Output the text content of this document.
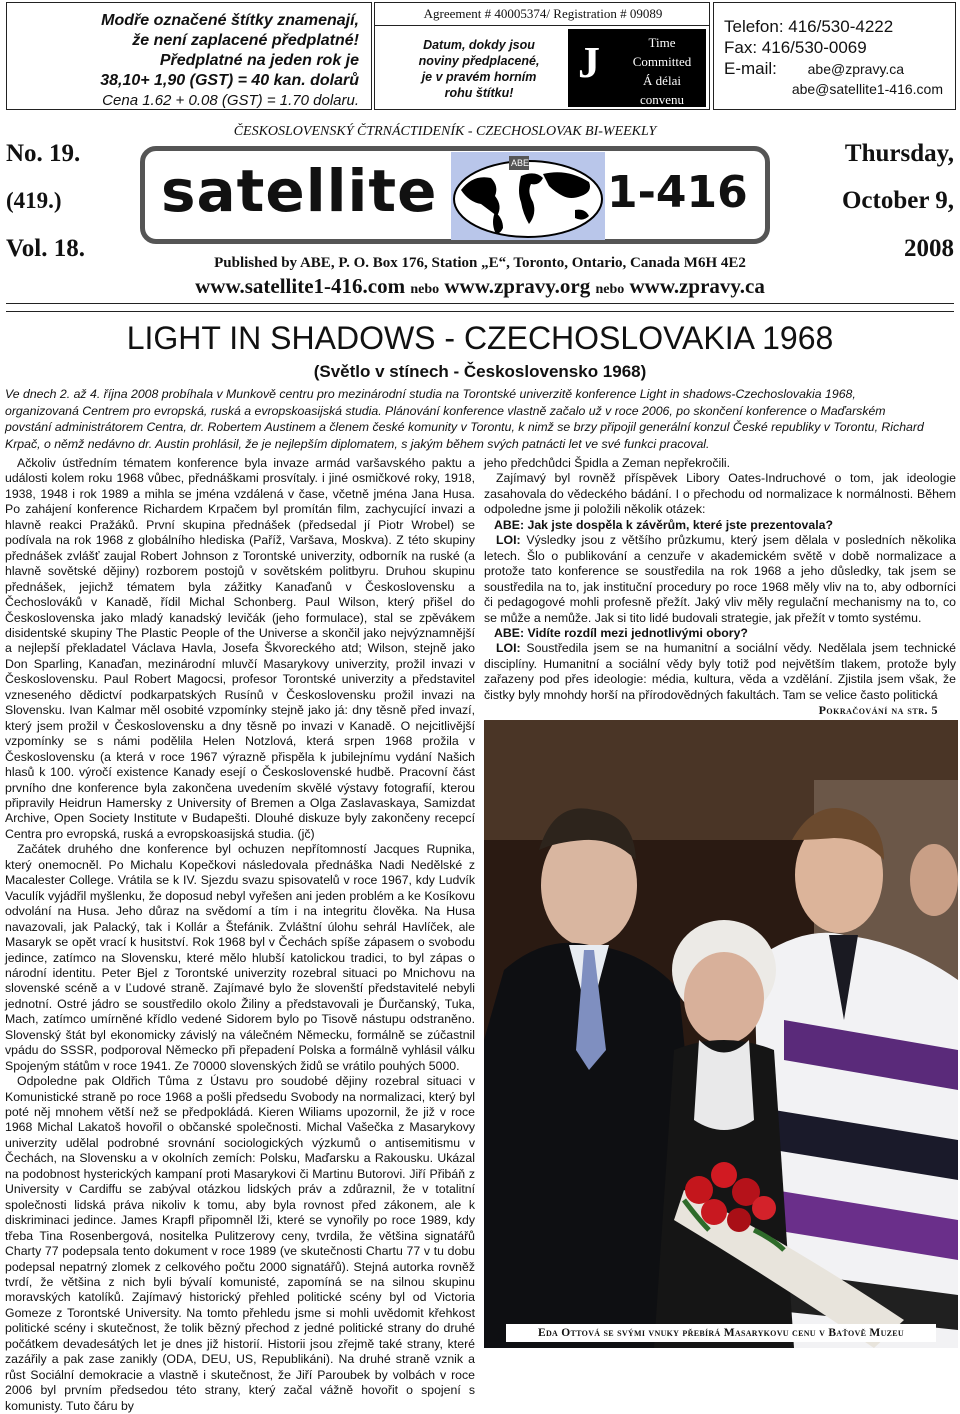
Modře označené štítky znamenají,
že není zaplacené předplatné!
Předplatné na jeden rok je
38,10+ 1,90 (GST) = 40 kan. dolarů
Cena 1.62 + 0.08 (GST) = 1.70 dolaru.
Agreement # 40005374/ Registration # 09089
Datum, dokdy jsou
noviny předplacené,
je v pravém horním
rohu štítku!
J	Time
Committed
Á délai
convenu
Telefon: 416/530-4222
Fax: 416/530-0069
E-mail: abe@zpravy.ca
abe@satellite1-416.com
No. 19.
(419.)
Vol. 18.
Thursday,
October 9,
2008
ČESKOSLOVENSKÝ ČTRNÁCTIDENÍK - CZECHOSLOVAK BI-WEEKLY
satellite	ABE
1-416
Published by ABE, P. O. Box 176, Station „E“, Toronto, Ontario, Canada M6H 4E2
www.satellite1-416.com nebo www.zpravy.org nebo www.zpravy.ca
LIGHT IN SHADOWS - CZECHOSLOVAKIA 1968
(Světlo v stínech - Československo 1968)
Ve dnech 2. až 4. října 2008 probíhala v Munkově centru pro mezinárodní studia na Torontské univerzitě konference Light in shadows-Czechoslovakia 1968,
organizovaná Centrem pro evropská, ruská a evropskoasijská studia. Plánování konference vlastně začalo už v roce 2006, po skončení konference o Maďarském
povstání administrátorem Centra, dr. Robertem Austinem a členem české komunity v Torontu, k nimž se brzy připojil generální konzul České republiky v Torontu, Richard
Krpač, o němž nedávno dr. Austin prohlásil, že je nejlepším diplomatem, s jakým během svých patnácti let ve své funkci pracoval.

Ačkoliv ústředním tématem konference byla invaze armád varšavského paktu a události kolem roku 1968 vůbec, přednáškami prosvítaly. i jiné osmičkové roky, 1918, 1938, 1948 i rok 1989 a mihla se jména vzdálená v čase, včetně jména Jana Husa. Po zahájení konference Richardem Krpačem byl promítán film, zachycující invazi a hlavně reakci Pražáků. První skupina přednášek (předsedal jí Piotr Wrobel) se podívala na rok 1968 z globálního hlediska (Paříž, Varšava, Moskva). Z této skupiny přednášek zvlášť zaujal Robert Johnson z Torontské univerzity, odborník na ruské (a hlavně sovětské dějiny) rozborem postojů v sovětském politbyru. Druhou skupinu přednášek, jejichž tématem byla zážitky Kanaďanů v Československu a Čechoslováků v Kanadě, řídil Michal Schonberg. Paul Wilson, který přišel do Československa jako mladý kanadský levičák (jeho formulace), stal se zpěvákem disidentské skupiny The Plastic People of the Universe a skončil jako nejvýznamnější a nejlepší překladatel Václava Havla, Josefa Škvoreckého atd; Wilson, stejně jako Don Sparling, Kanaďan, mezinárodní mluvčí Masarykovy univerzity, prožil invazi v Československu. Paul Robert Magocsi, profesor Torontské univerzity a představitel vzneseného dědictví podkarpatských Rusínů v Československu prožil invazi na Slovensku. Ivan Kalmar měl osobité vzpomínky stejně jako já: dny těsně před invazí, který jsem prožil v Československu a dny těsně po invazi v Kanadě. O nejcitlivější vzpomínky se s námi podělila Helen Notzlová, která srpen 1968 prožila v Československu (a která v roce 1967 výrazně přispěla k jubilejnímu vydání Našich hlasů k 100. výročí existence Kanady esejí o Československé hudbě. Pracovní část prvního dne konference byla zakončena uvedením skvělé výstavy fotografií, kterou připravily Heidrun Hamersky z University of Bremen a Olga Zaslavaskaya, Samizdat Archive, Open Society Institute v Budapešti. Dlouhé diskuze byly zakončeny recepcí Centra pro evropská, ruská a evropskoasijská studia. (jč)

Začátek druhého dne konference byl ochuzen nepřítomností Jacques Rupnika, který onemocněl. Po Michalu Kopečkovi následovala přednáška Nadi Nedělské z Macalester College. Vrátila se k IV. Sjezdu svazu spisovatelů v roce 1967, kdy Ludvík Vaculík vyjádřil myšlenku, že doposud nebyl vyřešen ani jeden problém a ke Kosíkovu odvolání na Husa. Jeho důraz na svědomí a tím i na integritu člověka. Na Husa navazovali, jak Palacký, tak i Kollár a Štefánik. Zvláštní úlohu sehrál Havlíček, ale Masaryk se opět vrací k husitství. Rok 1968 byl v Čechách spíše zápasem o svobodu jedince, zatímco na Slovensku, které mělo hlubší katolickou tradici, to byl zápas o národní identitu. Peter Bjel z Torontské univerzity rozebral situaci po Mnichovu na slovenské scéně a v Ľudové straně. Zajímavé bylo že slovenští představitelé nebyli jednotní. Ostré jádro se soustředilo okolo Žiliny a představovali je Ďurčanský, Tuka, Mach, zatímco umírněné křídlo vedené Sidorem bylo po Tisově nástupu odstraněno. Slovenský štát byl ekonomicky závislý na válečném Německu, formálně se zúčastnil vpádu do SSSR, podporoval Německo při přepadení Polska a formálně vyhlásil válku Spojeným státům v roce 1941. Ze 70000 slovenských židů se vrátilo pouhých 5000.

Odpoledne pak Oldřich Tůma z Ústavu pro soudobé dějiny rozebral situaci v Komunistické straně po roce 1968 a pošli předsedu Svobody na normalizaci, který byl poté něj mnohem větší než se předpokládá. Kieren Wiliams upozornil, že již v roce 1968 Michal Lakatoš hovořil o občanské společnosti. Michal Vašečka z Masarykovy univerzity udělal podrobné srovnání sociologických výzkumů o antisemitismu v Čechách, na Slovensku a v okolních zemích: Polsku, Maďarsku a Rakousku. Ukázal na podobnost hysterických kampaní proti Masarykovi či Martinu Butorovi. Jiří Přibáň z University v Cardiffu se zabýval otázkou lidských práv a zdůraznil, že v totalitní společnosti lidská práva nikoliv k tomu, aby byla rovnost před zákonem, ale k diskriminaci jedince. James Krapfl připomněl lži, které se vynořily po roce 1989, kdy třeba Tina Rosenbergová, nositelka Pulitzerovy ceny, tvrdila, že většina signatářů Charty 77 podepsala tento dokument v roce 1989 (ve skutečnosti Chartu 77 v tu dobu podepsal nepatrný zlomek z celkového počtu 2000 signatářů). Stejná autorka rovněž tvrdí, že většina z nich byli bývalí komunisté, zapomíná se na silnou skupinu moravských katolíků. Zajímavý historický přehled politické scény byl od Victoria Gomeze z Torontské University. Na tomto přehledu jsme si mohli uvědomit křehkost politické scény i skutečnost, že tolik bězný přechod z jedné politické strany do druhé počátkem devadesátých let je dnes již historií. Historii jsou zřejmě také strany, které zazářily a pak zase zanikly (ODA, DEU, US, Republikáni). Na druhé straně vznik a růst Sociální demokracie a vlastně i skutečnost, že Jiří Paroubek by volbách v roce 2006 byl prvním předsedou této strany, který začal vážně hovořit o spojení s komunisty. Tuto čáru by

jeho předchůdci Špidla a Zeman nepřekročili.

Zajímavý byl rovněž příspěvek Libory Oates-Indruchové o tom, jak ideologie zasahovala do vědeckého bádání. I o přechodu od normalizace k normálnosti. Během odpoledne jsme ji položili několik otázek:

ABE: Jak jste dospěla k závěrům, které jste prezentovala?

LOI: Výsledky jsou z většího průzkumu, který jsem dělala v posledních několika letech. Šlo o publikování a cenzuře v akademickém světě v době normalizace a protože tato konference se soustředila na rok 1968 a jeho důsledky, tak jsem se soustředila na to, jak instituční procedury po roce 1968 měly vliv na to, aby odborníci či pedagogové mohli profesně přežít. Jaký vliv měly regulační mechanismy na to, co se může a nemůže. Jak si tito lidé budovali strategie, jak přežít v tomto systému.

ABE: Vidíte rozdíl mezi jednotlivými obory?

LOI: Soustředila jsem se na humanitní a sociální vědy. Nedělala jsem technické disciplíny. Humanitní a sociální vědy byly totiž pod největším tlakem, protože byly zařazeny pod přes ideologie: média, kultura, věda a vzdělání. Zjistila jsem však, že čistky byly mnohdy horší na přírodovědných fakultách. Tam se velice často politická

Pokračování na str. 5
Eda Ottová se svými vnuky přebírá Masarykovu cenu v Baťově Muzeu
